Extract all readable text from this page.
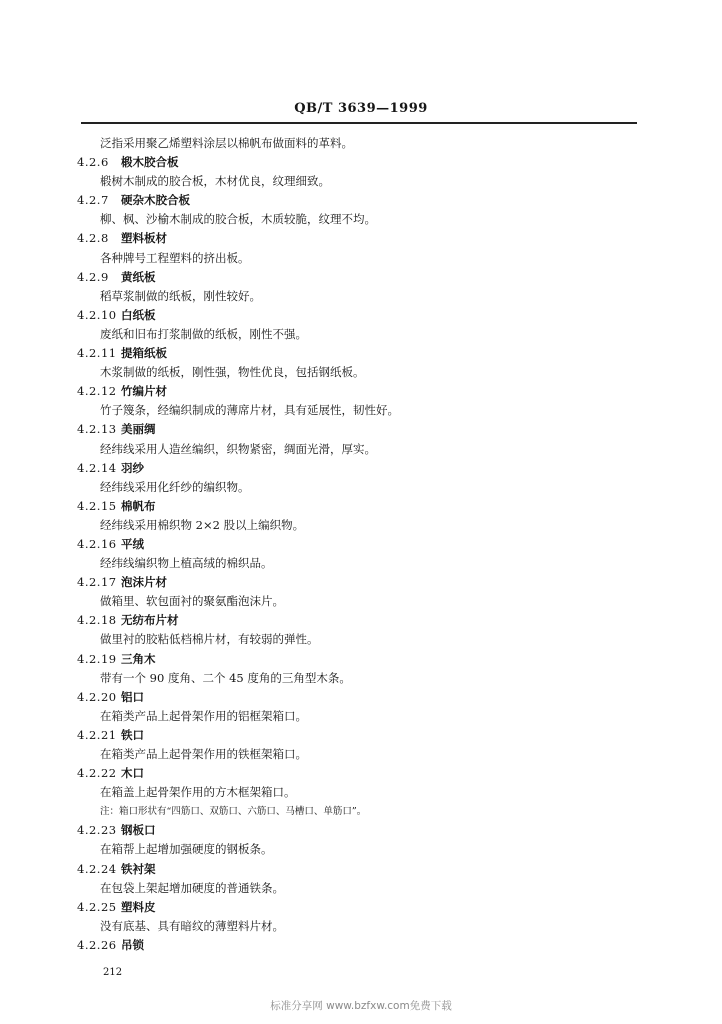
QB/T 3639—1999
泛指采用聚乙烯塑料涂层以棉帆布做面料的革料。
4.2.6	椴木胶合板
椴树木制成的胶合板，木材优良，纹理细致。
4.2.7	硬杂木胶合板
柳、枫、沙榆木制成的胶合板，木质较脆，纹理不均。
4.2.8	塑料板材
各种牌号工程塑料的挤出板。
4.2.9	黄纸板
稻草浆制做的纸板，刚性较好。
4.2.10 白纸板
废纸和旧布打浆制做的纸板，刚性不强。
4.2.11 提箱纸板
木浆制做的纸板，刚性强，物性优良，包括钢纸板。
4.2.12 竹编片材
竹子篾条，经编织制成的薄席片材，具有延展性，韧性好。
4.2.13 美丽绸
经纬线采用人造丝编织，织物紧密，绸面光滑，厚实。
4.2.14 羽纱
经纬线采用化纤纱的编织物。
4.2.15 棉帆布
经纬线采用棉织物 2×2 股以上编织物。
4.2.16 平绒
经纬线编织物上植高绒的棉织品。
4.2.17 泡沫片材
做箱里、软包面衬的聚氨酯泡沫片。
4.2.18 无纺布片材
做里衬的胶粘低档棉片材，有较弱的弹性。
4.2.19 三角木
带有一个 90 度角、二个 45 度角的三角型木条。
4.2.20 铝口
在箱类产品上起骨架作用的铝框架箱口。
4.2.21 铁口
在箱类产品上起骨架作用的铁框架箱口。
4.2.22 木口
在箱盖上起骨架作用的方木框架箱口。
注：箱口形状有“四筋口、双筋口、六筋口、马槽口、单筋口”。
4.2.23 钢板口
在箱帮上起增加强硬度的钢板条。
4.2.24 铁衬架
在包袋上架起增加硬度的普通铁条。
4.2.25 塑料皮
没有底基、具有暗纹的薄塑料片材。
4.2.26 吊锁
212
标准分享网 www.bzfxw.com免费下载
